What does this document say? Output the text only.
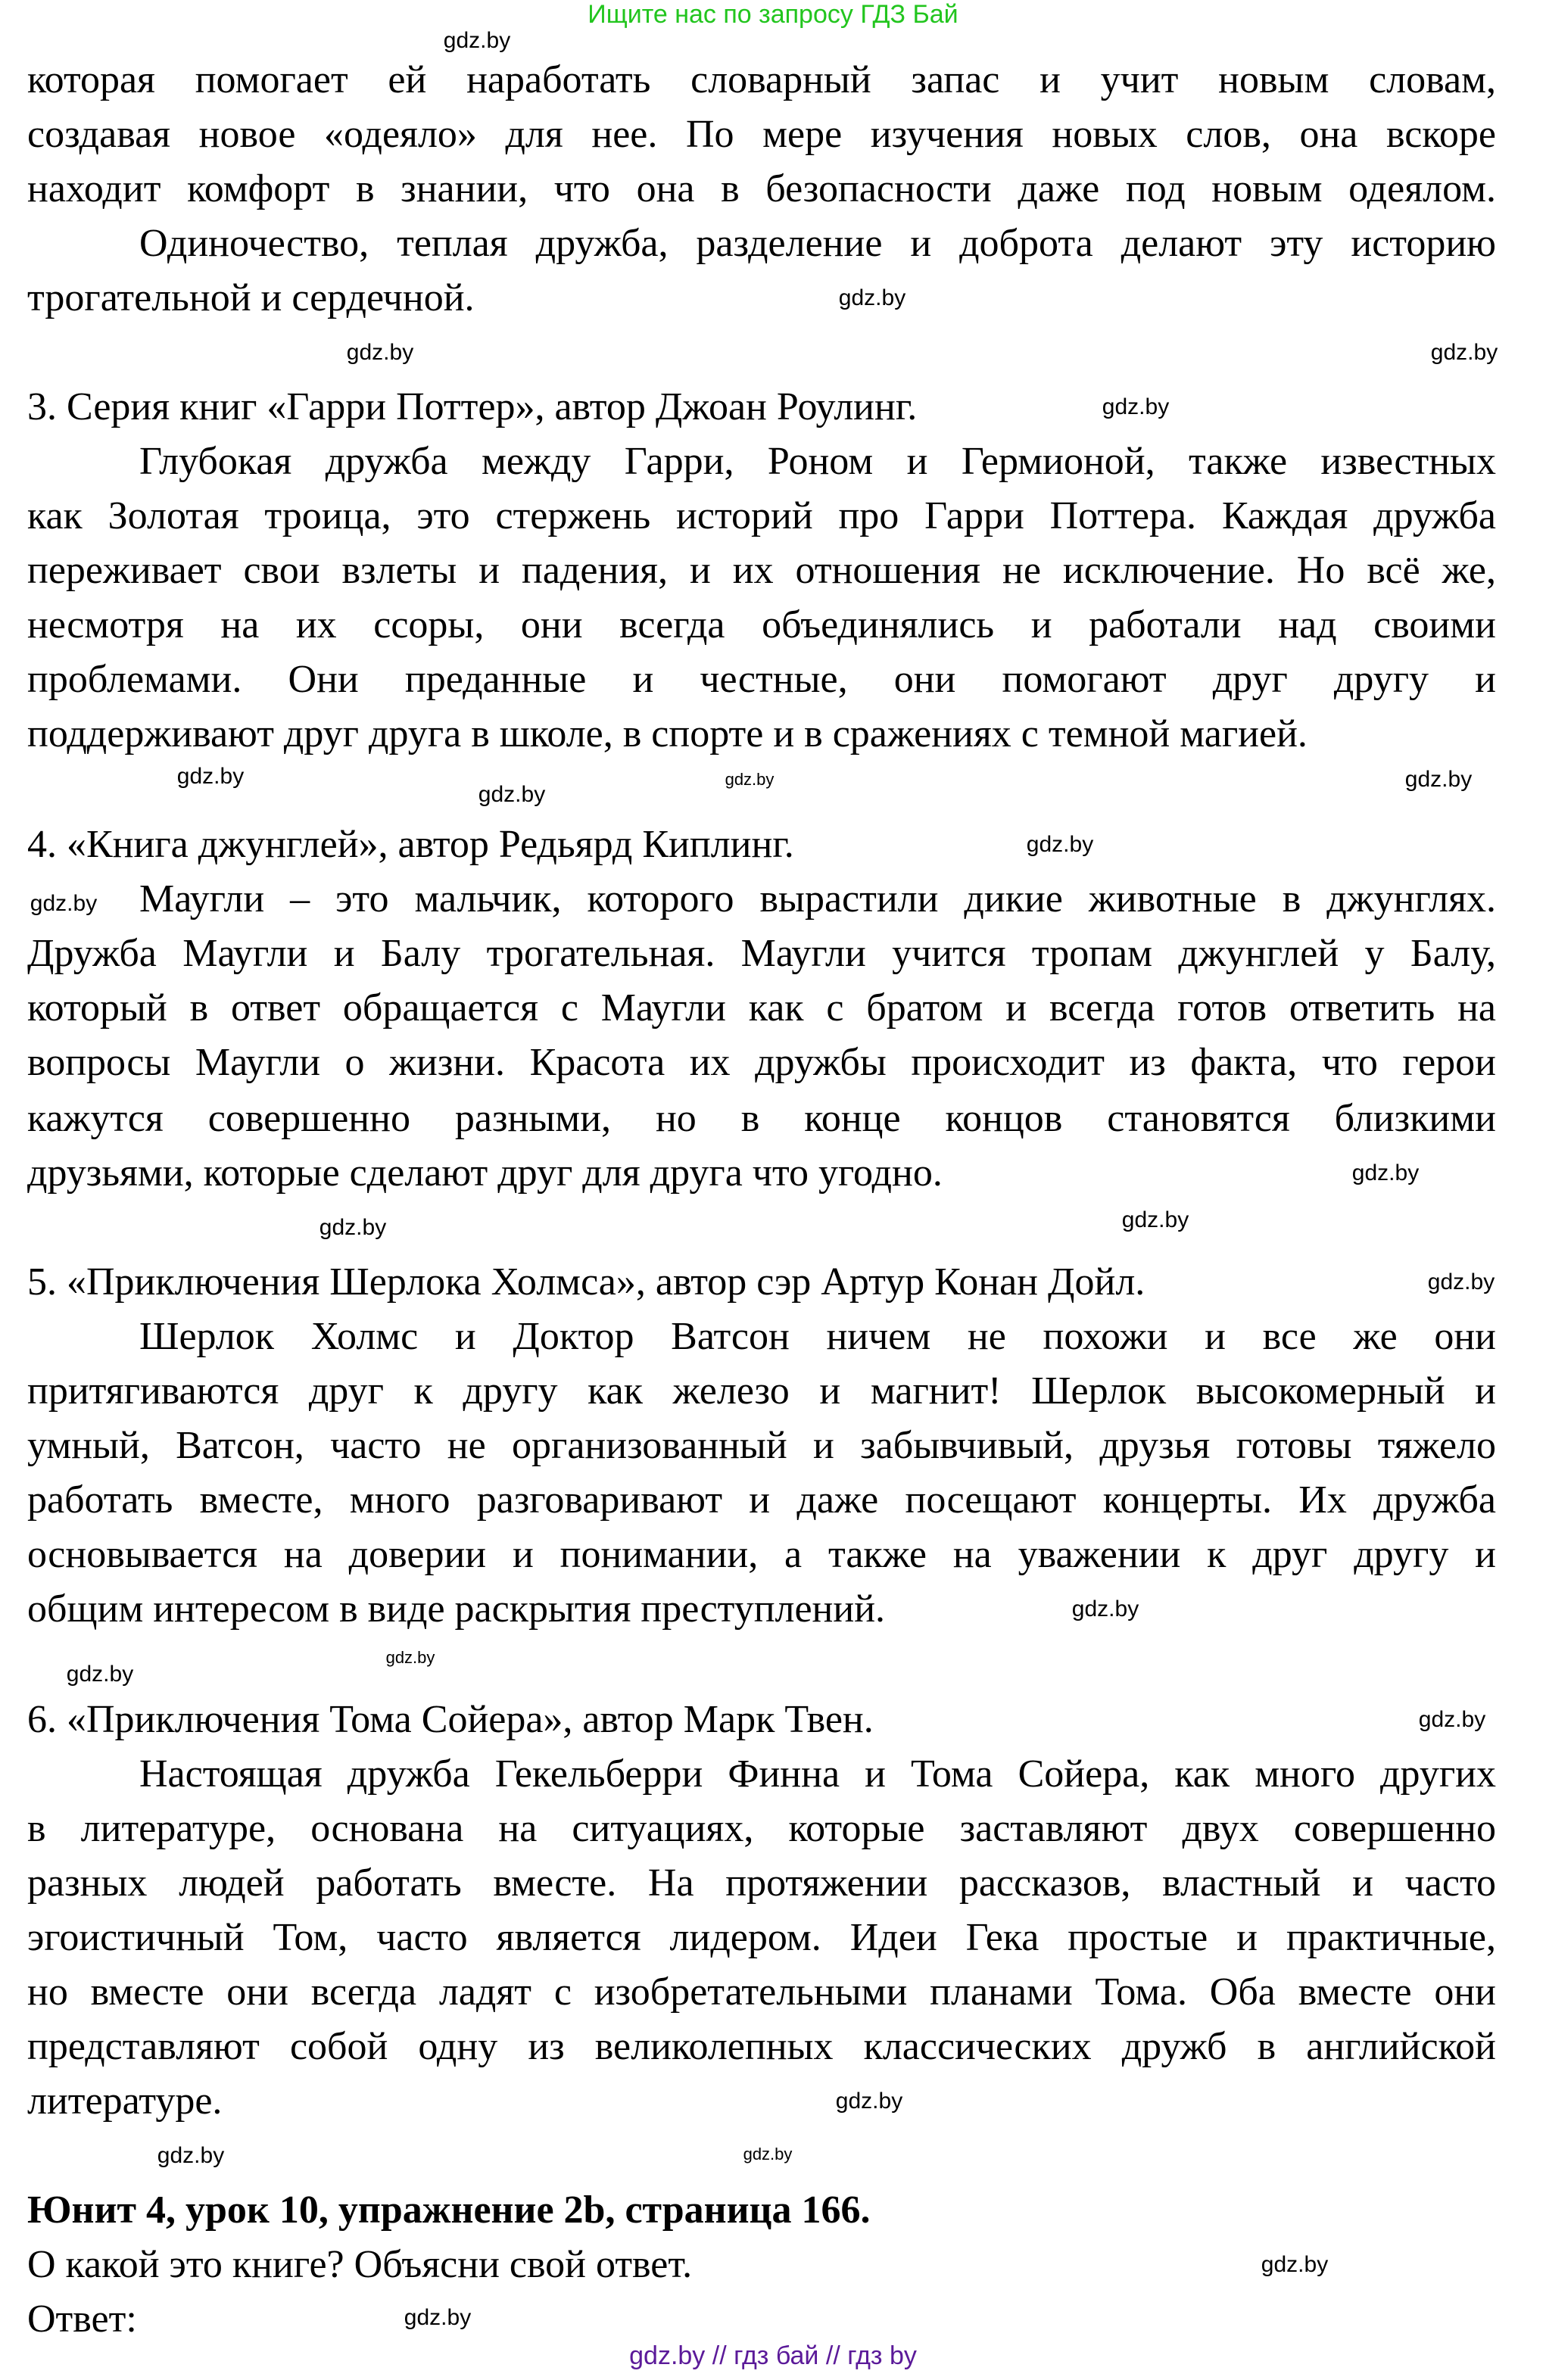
Ищите нас по запросу ГДЗ Бай
которая помогает ей наработать словарный запас и учит новым словам,
создавая новое «одеяло» для нее. По мере изучения новых слов, она вскоре
находит комфорт в знании, что она в безопасности даже под новым одеялом.
Одиночество, теплая дружба, разделение и доброта делают эту историю
трогательной и сердечной.
3. Серия книг «Гарри Поттер», автор Джоан Роулинг.
Глубокая дружба между Гарри, Роном и Гермионой, также известных
как Золотая троица, это стержень историй про Гарри Поттера. Каждая дружба
переживает свои взлеты и падения, и их отношения не исключение. Но всё же,
несмотря на их ссоры, они всегда объединялись и работали над своими
проблемами. Они преданные и честные, они помогают друг другу и
поддерживают друг друга в школе, в спорте и в сражениях с темной магией.
4. «Книга джунглей», автор Редьярд Киплинг.
Маугли – это мальчик, которого вырастили дикие животные в джунглях.
Дружба Маугли и Балу трогательная. Маугли учится тропам джунглей у Балу,
который в ответ обращается с Маугли как с братом и всегда готов ответить на
вопросы Маугли о жизни. Красота их дружбы происходит из факта, что герои
кажутся совершенно разными, но в конце концов становятся близкими
друзьями, которые сделают друг для друга что угодно.
5. «Приключения Шерлока Холмса», автор сэр Артур Конан Дойл.
Шерлок Холмс и Доктор Ватсон ничем не похожи и все же они
притягиваются друг к другу как железо и магнит! Шерлок высокомерный и
умный, Ватсон, часто не организованный и забывчивый, друзья готовы тяжело
работать вместе, много разговаривают и даже посещают концерты. Их дружба
основывается на доверии и понимании, а также на уважении к друг другу и
общим интересом в виде раскрытия преступлений.
6. «Приключения Тома Сойера», автор Марк Твен.
Настоящая дружба Гекельберри Финна и Тома Сойера, как много других
в литературе, основана на ситуациях, которые заставляют двух совершенно
разных людей работать вместе. На протяжении рассказов, властный и часто
эгоистичный Том, часто является лидером. Идеи Гека простые и практичные,
но вместе они всегда ладят с изобретательными планами Тома. Оба вместе они
представляют собой одну из великолепных классических дружб в английской
литературе.
Юнит 4, урок 10, упражнение 2b, страница 166.
О какой это книге? Объясни свой ответ.
Ответ:
gdz.by
gdz.by
gdz.by
gdz.by
gdz.by
gdz.by	gdz.by
gdz.by
gdz.by
gdz.by
gdz.by
gdz.by
gdz.by
gdz.by
gdz.by
gdz.by
gdz.by
gdz.by
gdz.by
gdz.by
gdz.by
gdz.by
gdz.by
gdz.by
gdz.by // гдз бай // гдз by
